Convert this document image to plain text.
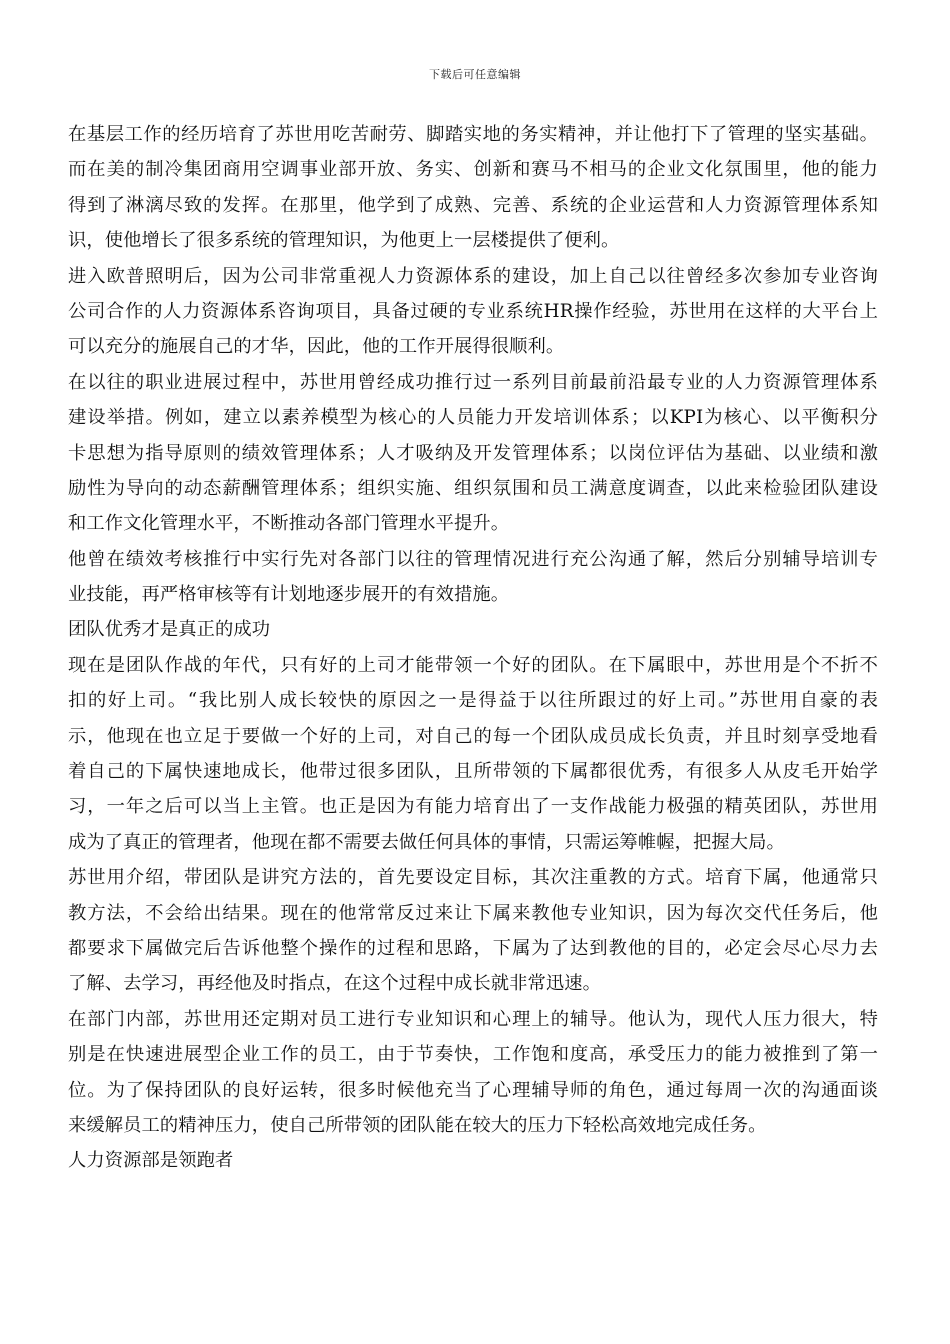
下载后可任意编辑
在基层工作的经历培育了苏世用吃苦耐劳、脚踏实地的务实精神，并让他打下了管理的坚实基础。
而在美的制冷集团商用空调事业部开放、务实、创新和赛马不相马的企业文化氛围里，他的能力
得到了淋漓尽致的发挥。在那里，他学到了成熟、完善、系统的企业运营和人力资源管理体系知
识，使他增长了很多系统的管理知识，为他更上一层楼提供了便利。
进入欧普照明后，因为公司非常重视人力资源体系的建设，加上自己以往曾经多次参加专业咨询
公司合作的人力资源体系咨询项目，具备过硬的专业系统HR操作经验，苏世用在这样的大平台上
可以充分的施展自己的才华，因此，他的工作开展得很顺利。
在以往的职业进展过程中，苏世用曾经成功推行过一系列目前最前沿最专业的人力资源管理体系
建设举措。例如，建立以素养模型为核心的人员能力开发培训体系；以KPI为核心、以平衡积分
卡思想为指导原则的绩效管理体系；人才吸纳及开发管理体系；以岗位评估为基础、以业绩和激
励性为导向的动态薪酬管理体系；组织实施、组织氛围和员工满意度调查，以此来检验团队建设
和工作文化管理水平，不断推动各部门管理水平提升。
他曾在绩效考核推行中实行先对各部门以往的管理情况进行充公沟通了解，然后分别辅导培训专
业技能，再严格审核等有计划地逐步展开的有效措施。
团队优秀才是真正的成功
现在是团队作战的年代，只有好的上司才能带领一个好的团队。在下属眼中，苏世用是个不折不
扣的好上司。“我比别人成长较快的原因之一是得益于以往所跟过的好上司。”苏世用自豪的表
示，他现在也立足于要做一个好的上司，对自己的每一个团队成员成长负责，并且时刻享受地看
着自己的下属快速地成长，他带过很多团队，且所带领的下属都很优秀，有很多人从皮毛开始学
习，一年之后可以当上主管。也正是因为有能力培育出了一支作战能力极强的精英团队，苏世用
成为了真正的管理者，他现在都不需要去做任何具体的事情，只需运筹帷幄，把握大局。
苏世用介绍，带团队是讲究方法的，首先要设定目标，其次注重教的方式。培育下属，他通常只
教方法，不会给出结果。现在的他常常反过来让下属来教他专业知识，因为每次交代任务后，他
都要求下属做完后告诉他整个操作的过程和思路，下属为了达到教他的目的，必定会尽心尽力去
了解、去学习，再经他及时指点，在这个过程中成长就非常迅速。
在部门内部，苏世用还定期对员工进行专业知识和心理上的辅导。他认为，现代人压力很大，特
别是在快速进展型企业工作的员工，由于节奏快，工作饱和度高，承受压力的能力被推到了第一
位。为了保持团队的良好运转，很多时候他充当了心理辅导师的角色，通过每周一次的沟通面谈
来缓解员工的精神压力，使自己所带领的团队能在较大的压力下轻松高效地完成任务。
人力资源部是领跑者
